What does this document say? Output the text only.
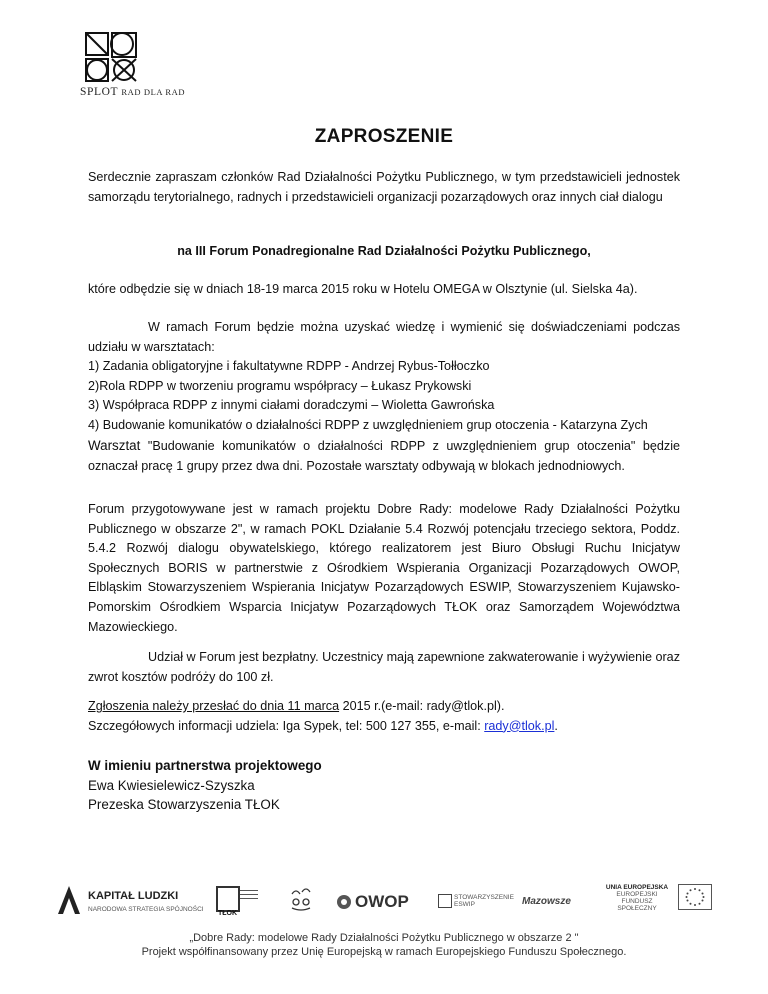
SPLOT RAD DLA RAD
ZAPROSZENIE
Serdecznie zapraszam członków Rad Działalności Pożytku Publicznego, w tym przedstawicieli jednostek samorządu terytorialnego, radnych i przedstawicieli organizacji pozarządowych oraz innych ciał dialogu
na III Forum Ponadregionalne Rad Działalności Pożytku Publicznego,
które odbędzie się w dniach 18-19 marca 2015 roku w Hotelu OMEGA w Olsztynie (ul. Sielska 4a).
W ramach Forum będzie można uzyskać wiedzę i wymienić się doświadczeniami podczas udziału w warsztatach:
1) Zadania obligatoryjne i fakultatywne RDPP - Andrzej Rybus-Tołłoczko
2)Rola RDPP w tworzeniu programu współpracy – Łukasz Prykowski
3) Współpraca RDPP z innymi ciałami doradczymi – Wioletta Gawrońska
4) Budowanie komunikatów o działalności RDPP z uwzględnieniem grup otoczenia - Katarzyna Zych
Warsztat "Budowanie komunikatów o działalności RDPP z uwzględnieniem grup otoczenia" będzie oznaczał pracę 1 grupy przez dwa dni. Pozostałe warsztaty odbywają w blokach jednodniowych.
Forum przygotowywane jest w ramach projektu Dobre Rady: modelowe Rady Działalności Pożytku Publicznego w obszarze 2", w ramach POKL Działanie 5.4 Rozwój potencjału trzeciego sektora, Poddz. 5.4.2 Rozwój dialogu obywatelskiego, którego realizatorem jest Biuro Obsługi Ruchu Inicjatyw Społecznych BORIS w partnerstwie z Ośrodkiem Wspierania Organizacji Pozarządowych OWOP, Elbląskim Stowarzyszeniem Wspierania Inicjatyw Pozarządowych ESWIP, Stowarzyszeniem Kujawsko-Pomorskim Ośrodkiem Wsparcia Inicjatyw Pozarządowych TŁOK oraz Samorządem Województwa Mazowieckiego.
Udział w Forum jest bezpłatny. Uczestnicy mają zapewnione zakwaterowanie i wyżywienie oraz zwrot kosztów podróży do 100 zł.
Zgłoszenia należy przesłać do dnia 11 marca 2015 r.(e-mail: rady@tlok.pl).
Szczegółowych informacji udziela: Iga Sypek, tel: 500 127 355, e-mail: rady@tlok.pl.
W imieniu partnerstwa projektowego
Ewa Kwiesielewicz-Szyszka
Prezeska Stowarzyszenia TŁOK
KAPITAŁ LUDZKI
NARODOWA STRATEGIA SPÓJNOŚCI
TŁOK
OWOP	STOWARZYSZENIE
ESWIP	Mazowsze
UNIA EUROPEJSKA
EUROPEJSKI
FUNDUSZ SPOŁECZNY
„Dobre Rady: modelowe Rady Działalności Pożytku Publicznego w obszarze 2 "
Projekt współfinansowany przez Unię Europejską w ramach Europejskiego Funduszu Społecznego.
